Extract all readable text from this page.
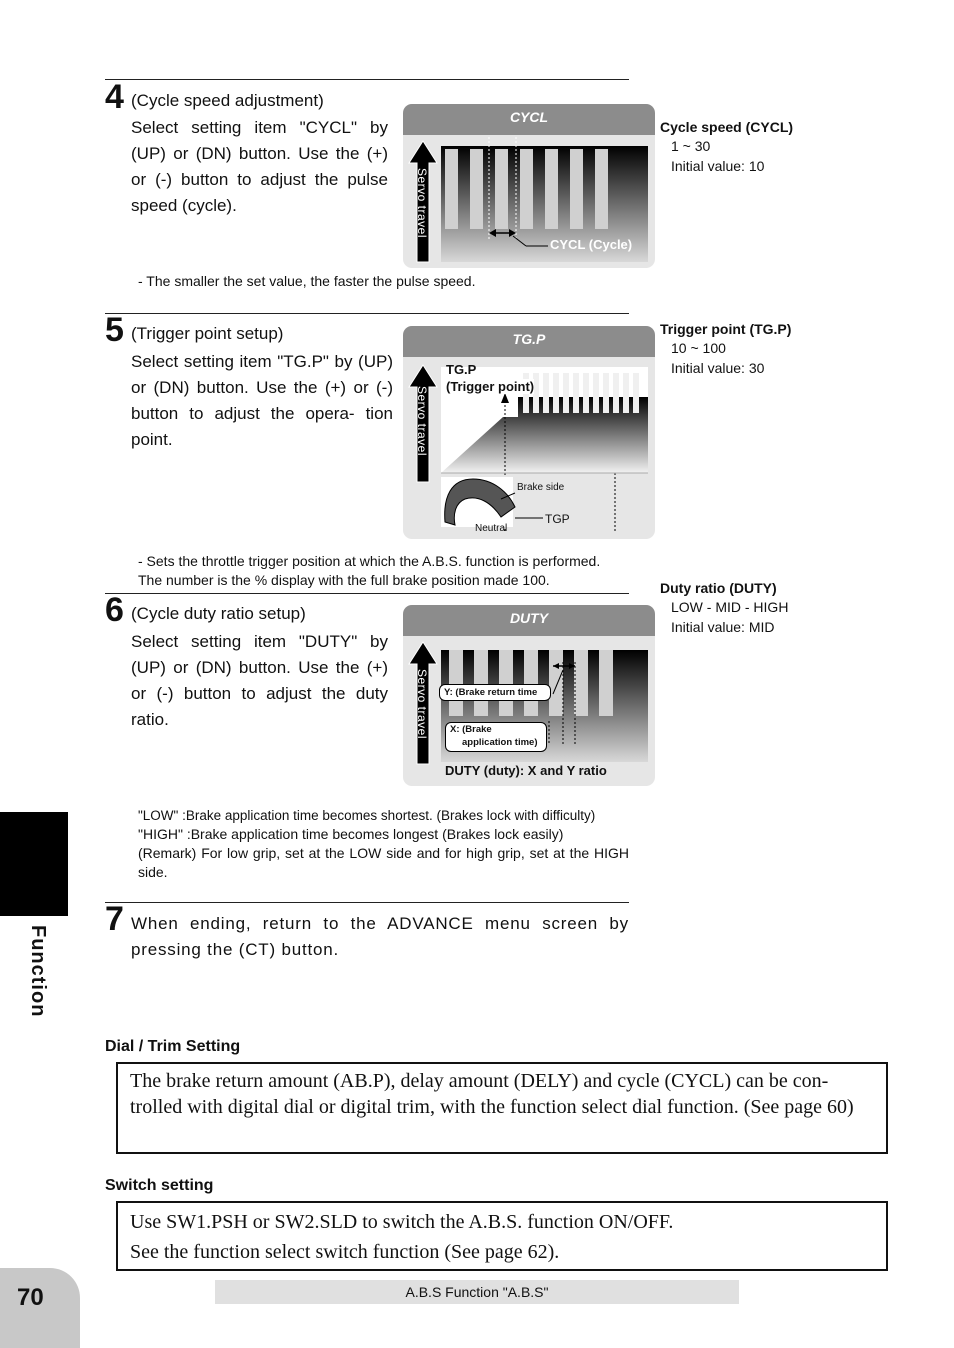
4 (Cycle speed adjustment)
Select setting item "CYCL" by (UP) or (DN) button. Use the (+) or (-) button to adjust the pulse speed (cycle).
- The smaller the set value, the faster the pulse speed.
CYCL
Servo travel
CYCL (Cycle)
Cycle speed (CYCL)
1 ~ 30
Initial value: 10
5 (Trigger point setup)
Select setting item "TG.P" by (UP) or (DN) button. Use the (+) or (-) button to adjust the opera- tion point.
- Sets the throttle trigger position at which the A.B.S. function is performed.
The number is the % display with the full brake position made 100.
TG.P
Servo travel
TG.P
(Trigger point)
Brake side
TGP
Neutral
Trigger point (TG.P)
10 ~ 100
Initial value: 30
6 (Cycle duty ratio setup)
Select setting item "DUTY" by (UP) or (DN) button. Use the (+) or (-) button to adjust the duty ratio.
"LOW" :Brake application time becomes shortest. (Brakes lock with difficulty)
"HIGH" :Brake application time becomes longest (Brakes lock easily)
(Remark) For low grip, set at the LOW side and for high grip, set at the HIGH side.
DUTY
Servo travel	Y: (Brake return time
X: (Brake
application time)
DUTY (duty): X and Y ratio
Duty ratio (DUTY)
LOW - MID - HIGH
Initial value: MID
7 When ending, return to the ADVANCE menu screen by pressing the (CT) button.
Function
Dial / Trim Setting
The brake return amount (AB.P), delay amount (DELY) and cycle (CYCL) can be con- trolled with digital dial or digital trim, with the function select dial function. (See page 60)
Switch setting
Use SW1.PSH or SW2.SLD to switch the A.B.S. function ON/OFF.
See the function select switch function (See page 62).
70	A.B.S Function "A.B.S"
